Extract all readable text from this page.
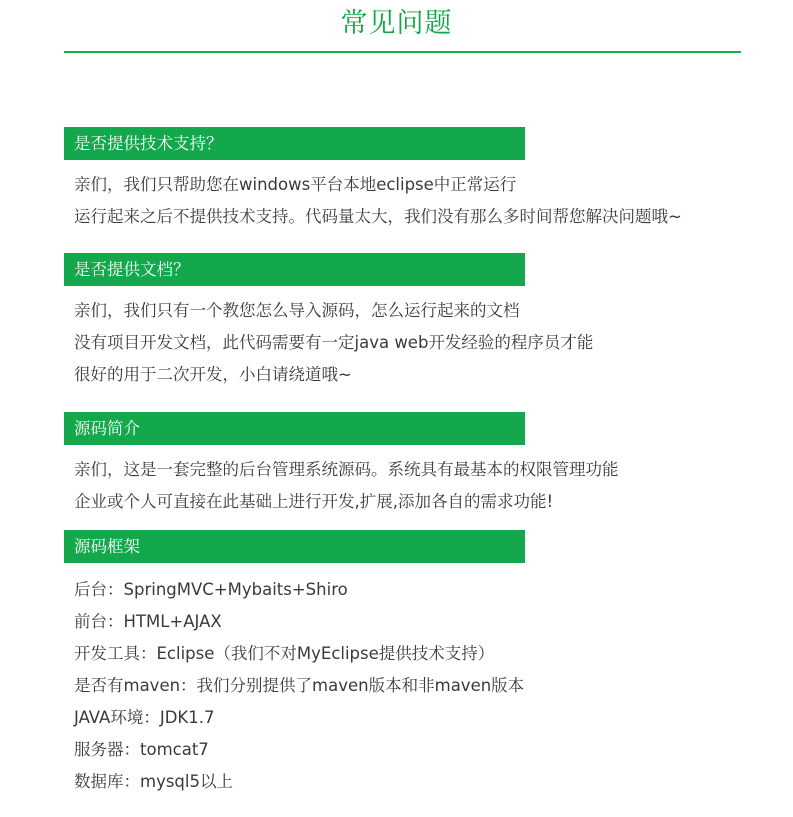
常见问题
是否提供技术支持？
亲们，我们只帮助您在windows平台本地eclipse中正常运行
运行起来之后不提供技术支持。代码量太大，我们没有那么多时间帮您解决问题哦~
是否提供文档？
亲们，我们只有一个教您怎么导入源码，怎么运行起来的文档
没有项目开发文档，此代码需要有一定java web开发经验的程序员才能
很好的用于二次开发，小白请绕道哦~
源码简介
亲们，这是一套完整的后台管理系统源码。系统具有最基本的权限管理功能
企业或个人可直接在此基础上进行开发,扩展,添加各自的需求功能!
源码框架
后台：SpringMVC+Mybaits+Shiro
前台：HTML+AJAX
开发工具：Eclipse（我们不对MyEclipse提供技术支持）
是否有maven：我们分别提供了maven版本和非maven版本
JAVA环境：JDK1.7
服务器：tomcat7
数据库：mysql5以上
